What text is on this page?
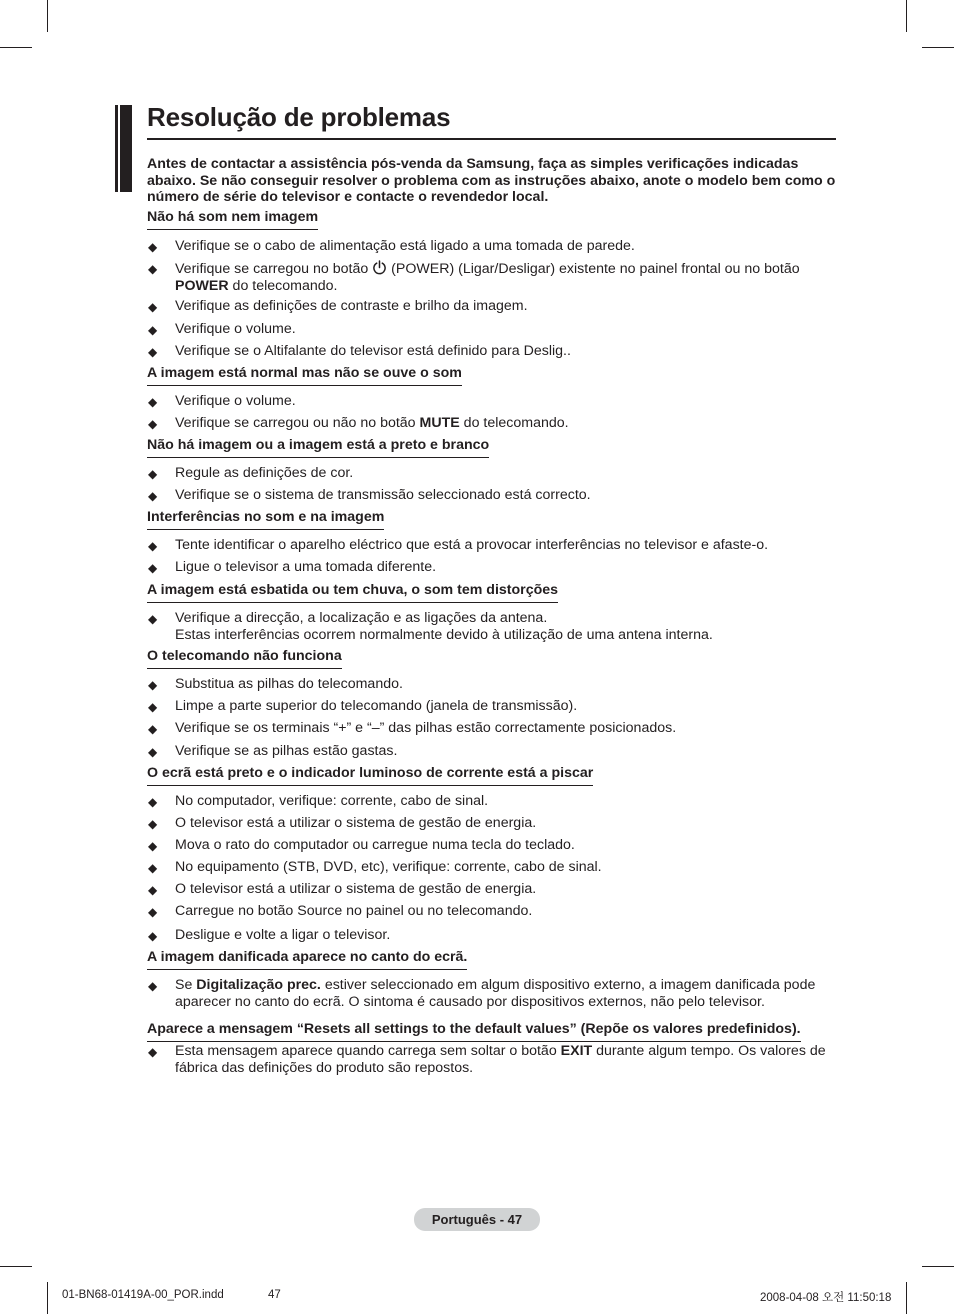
Resolução de problemas

Antes de contactar a assistência pós-venda da Samsung, faça as simples verificações indicadas abaixo. Se não conseguir resolver o problema com as instruções abaixo, anote o modelo bem como o número de série do televisor e contacte o revendedor local.

Não há som nem imagem
◆ Verifique se o cabo de alimentação está ligado a uma tomada de parede.
◆ Verifique se carregou no botão  (POWER) (Ligar/Desligar) existente no painel frontal ou no botão POWER do telecomando.
◆ Verifique as definições de contraste e brilho da imagem.
◆ Verifique o volume.
◆ Verifique se o Altifalante do televisor está definido para Deslig..
A imagem está normal mas não se ouve o som
◆ Verifique o volume.
◆ Verifique se carregou ou não no botão MUTE do telecomando.
Não há imagem ou a imagem está a preto e branco
◆ Regule as definições de cor.
◆ Verifique se o sistema de transmissão seleccionado está correcto.
Interferências no som e na imagem
◆ Tente identificar o aparelho eléctrico que está a provocar interferências no televisor e afaste-o.
◆ Ligue o televisor a uma tomada diferente.
A imagem está esbatida ou tem chuva, o som tem distorções
◆ Verifique a direcção, a localização e as ligações da antena.
Estas interferências ocorrem normalmente devido à utilização de uma antena interna.
O telecomando não funciona
◆ Substitua as pilhas do telecomando.
◆ Limpe a parte superior do telecomando (janela de transmissão).
◆ Verifique se os terminais “+” e “–” das pilhas estão correctamente posicionados.
◆ Verifique se as pilhas estão gastas.
O ecrã está preto e o indicador luminoso de corrente está a piscar
◆ No computador, verifique: corrente, cabo de sinal.
◆ O televisor está a utilizar o sistema de gestão de energia.
◆ Mova o rato do computador ou carregue numa tecla do teclado.
◆ No equipamento (STB, DVD, etc), verifique: corrente, cabo de sinal.
◆ O televisor está a utilizar o sistema de gestão de energia.
◆ Carregue no botão Source no painel ou no telecomando.
◆ Desligue e volte a ligar o televisor.
A imagem danificada aparece no canto do ecrã.
◆ Se Digitalização prec. estiver seleccionado em algum dispositivo externo, a imagem danificada pode aparecer no canto do ecrã. O sintoma é causado por dispositivos externos, não pelo televisor.
Aparece a mensagem “Resets all settings to the default values” (Repõe os valores predefinidos).
◆ Esta mensagem aparece quando carrega sem soltar o botão EXIT durante algum tempo. Os valores de fábrica das definições do produto são repostos.
Português - 47
01-BN68-01419A-00_POR.indd	47	2008-04-08 오전 11:50:18
